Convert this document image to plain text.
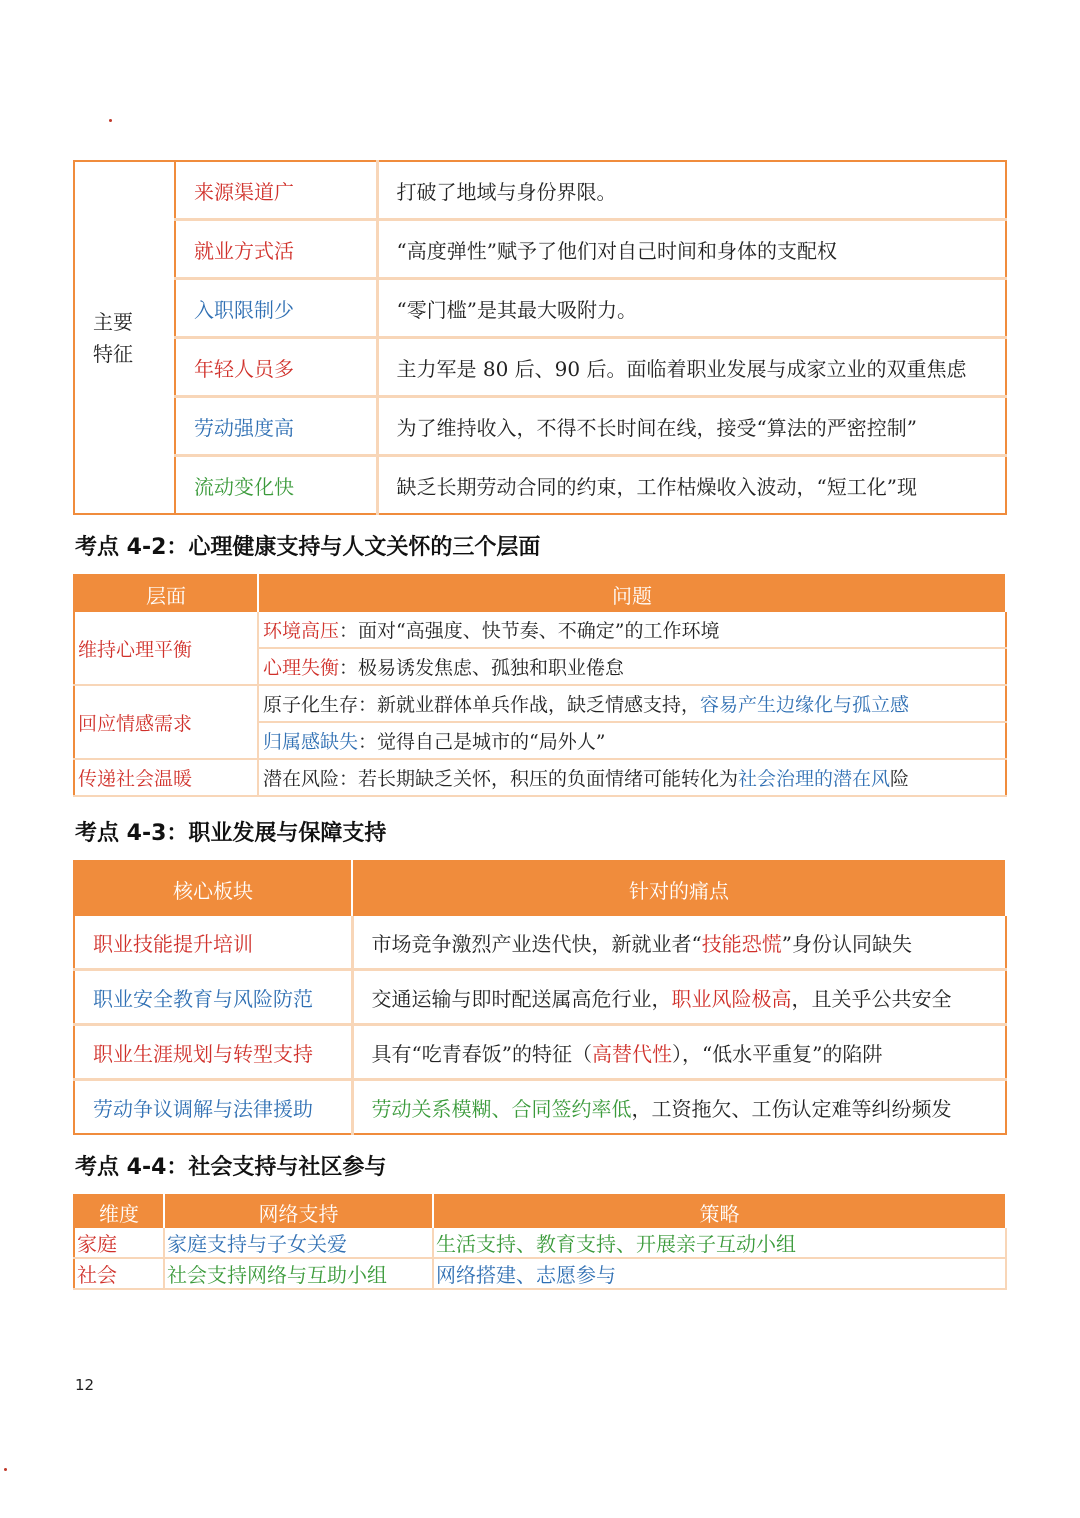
主要
特征	来源渠道广	打破了地域与身份界限。
	就业方式活	“高度弹性”赋予了他们对自己时间和身体的支配权
	入职限制少	“零门槛”是其最大吸附力。
	年轻人员多	主力军是 80 后、90 后。面临着职业发展与成家立业的双重焦虑
	劳动强度高	为了维持收入，不得不长时间在线，接受“算法的严密控制”
	流动变化快	缺乏长期劳动合同的约束，工作枯燥收入波动，“短工化”现
考点 4-2：心理健康支持与人文关怀的三个层面
层面	问题
维持心理平衡	环境高压：面对“高强度、快节奏、不确定”的工作环境
	心理失衡：极易诱发焦虑、孤独和职业倦怠
回应情感需求	原子化生存：新就业群体单兵作战，缺乏情感支持，容易产生边缘化与孤立感
	归属感缺失：觉得自己是城市的“局外人”
传递社会温暖	潜在风险：若长期缺乏关怀，积压的负面情绪可能转化为社会治理的潜在风险
考点 4-3：职业发展与保障支持
核心板块	针对的痛点
职业技能提升培训	市场竞争激烈产业迭代快，新就业者“技能恐慌”身份认同缺失
职业安全教育与风险防范	交通运输与即时配送属高危行业，职业风险极高，且关乎公共安全
职业生涯规划与转型支持	具有“吃青春饭”的特征（高替代性），“低水平重复”的陷阱
劳动争议调解与法律援助	劳动关系模糊、合同签约率低，工资拖欠、工伤认定难等纠纷频发
考点 4-4：社会支持与社区参与
维度	网络支持	策略
家庭	家庭支持与子女关爱	生活支持、教育支持、开展亲子互动小组
社会	社会支持网络与互助小组	网络搭建、志愿参与
12
